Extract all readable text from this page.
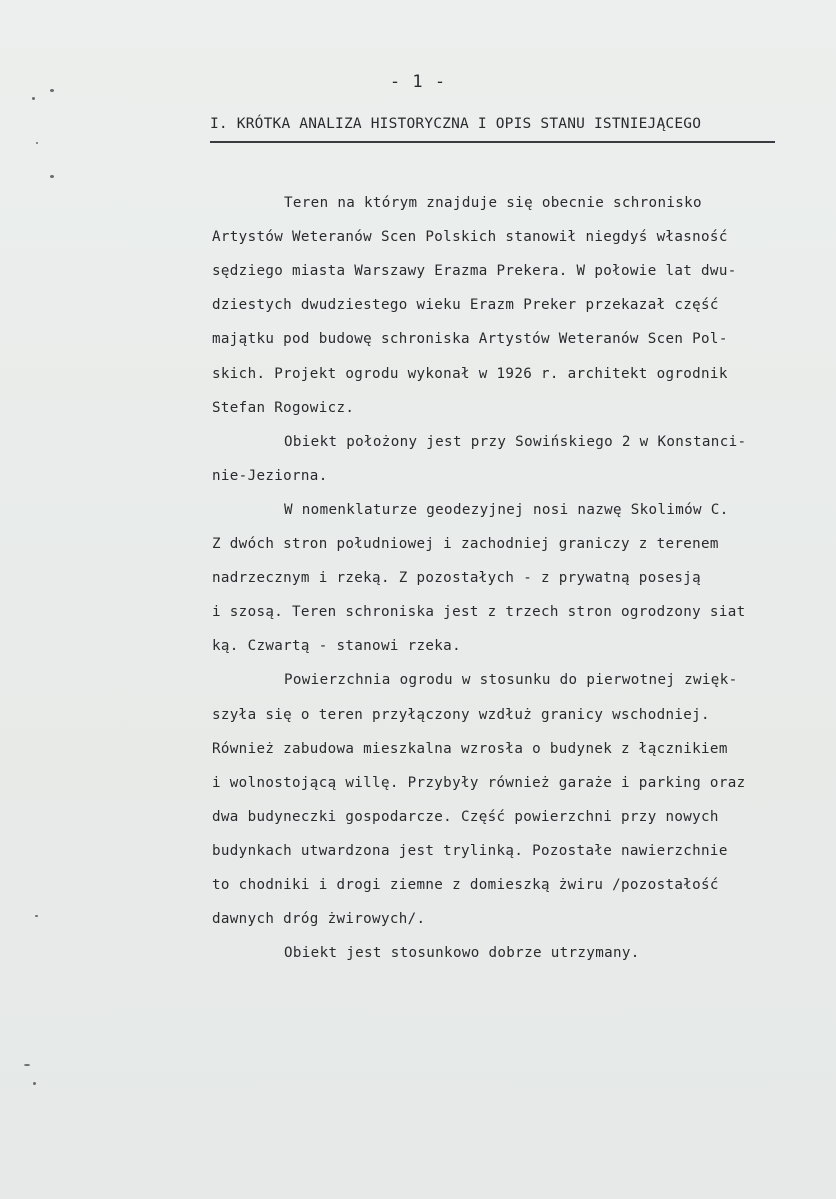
- 1 -
I. KRÓTKA ANALIZA HISTORYCZNA I OPIS STANU ISTNIEJĄCEGO
Teren na którym znajduje się obecnie schronisko
Artystów Weteranów Scen Polskich stanowił niegdyś własność
sędziego miasta Warszawy Erazma Prekera. W połowie lat dwu-
dziestych dwudziestego wieku Erazm Preker przekazał część
majątku pod budowę schroniska Artystów Weteranów Scen Pol-
skich. Projekt ogrodu wykonał w 1926 r. architekt ogrodnik
Stefan Rogowicz.
Obiekt położony jest przy Sowińskiego 2 w Konstanci-
nie-Jeziorna.
W nomenklaturze geodezyjnej nosi nazwę Skolimów C.
Z dwóch stron południowej i zachodniej graniczy z terenem
nadrzecznym i rzeką. Z pozostałych - z prywatną posesją
i szosą. Teren schroniska jest z trzech stron ogrodzony siat
ką. Czwartą - stanowi rzeka.
Powierzchnia ogrodu w stosunku do pierwotnej zwięk-
szyła się o teren przyłączony wzdłuż granicy wschodniej.
Również zabudowa mieszkalna wzrosła o budynek z łącznikiem
i wolnostojącą willę. Przybyły również garaże i parking oraz
dwa budyneczki gospodarcze. Część powierzchni przy nowych
budynkach utwardzona jest trylinką. Pozostałe nawierzchnie
to chodniki i drogi ziemne z domieszką żwiru /pozostałość
dawnych dróg żwirowych/.
Obiekt jest stosunkowo dobrze utrzymany.
